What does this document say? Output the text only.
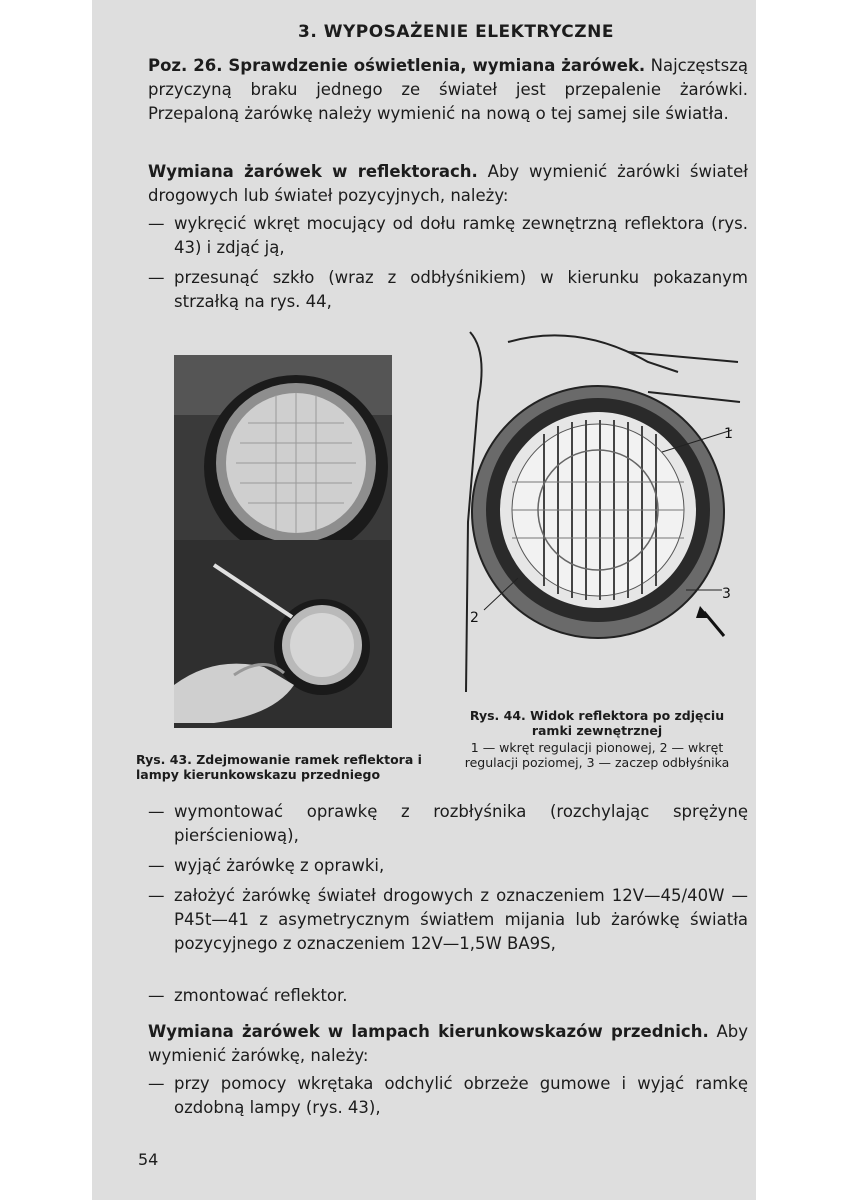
3. WYPOSAŻENIE ELEKTRYCZNE
Poz. 26. Sprawdzenie oświetlenia, wymiana żarówek. Najczęstszą przyczyną braku jednego ze świateł jest przepalenie żarówki. Przepaloną żarówkę należy wymienić na nową o tej samej sile światła.
Wymiana żarówek w reflektorach. Aby wymienić żarówki świateł drogowych lub świateł pozycyjnych, należy:
— wykręcić wkręt mocujący od dołu ramkę zewnętrzną reflektora (rys. 43) i zdjąć ją,
— przesunąć szkło (wraz z odbłyśnikiem) w kierunku pokazanym strzałką na rys. 44,
1
2
3
Rys. 44. Widok reflektora po zdjęciu ramki zewnętrznej
1 — wkręt regulacji pionowej, 2 — wkręt regulacji poziomej, 3 — zaczep odbłyśnika
Rys. 43. Zdejmowanie ramek reflektora i lampy kierunkowskazu przedniego
— wymontować oprawkę z rozbłyśnika (rozchylając sprężynę pierścieniową),
— wyjąć żarówkę z oprawki,
— założyć żarówkę świateł drogowych z oznaczeniem 12V—45/40W — P45t—41 z asymetrycznym światłem mijania lub żarówkę światła pozycyjnego z oznaczeniem 12V—1,5W BA9S,
— zmontować reflektor.
Wymiana żarówek w lampach kierunkowskazów przednich. Aby wymienić żarówkę, należy:
— przy pomocy wkrętaka odchylić obrzeże gumowe i wyjąć ramkę ozdobną lampy (rys. 43),
54
